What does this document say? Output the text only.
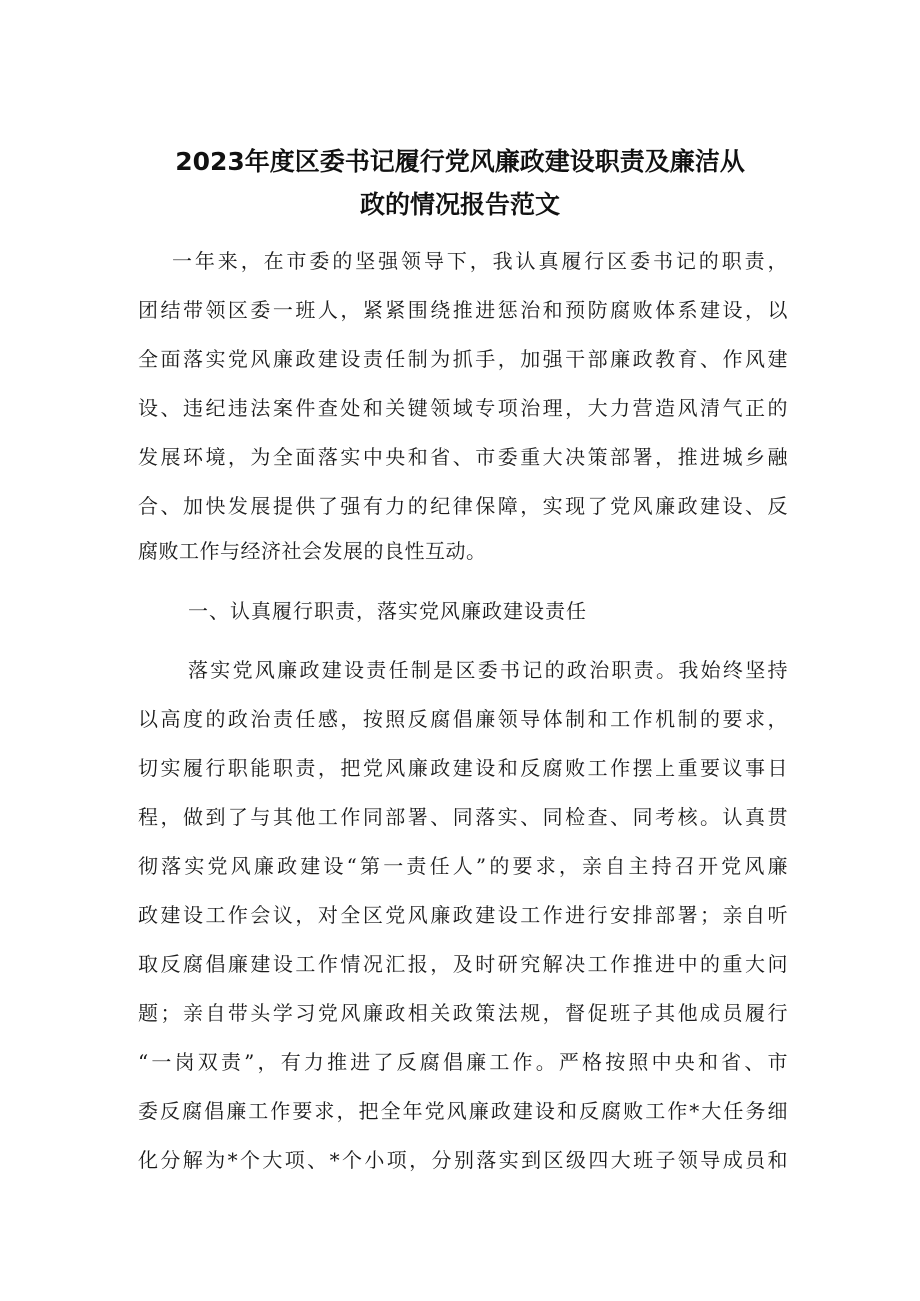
2023年度区委书记履行党风廉政建设职责及廉洁从
政的情况报告范文
一年来，在市委的坚强领导下，我认真履行区委书记的职责，
团结带领区委一班人，紧紧围绕推进惩治和预防腐败体系建设，以
全面落实党风廉政建设责任制为抓手，加强干部廉政教育、作风建
设、违纪违法案件查处和关键领域专项治理，大力营造风清气正的
发展环境，为全面落实中央和省、市委重大决策部署，推进城乡融
合、加快发展提供了强有力的纪律保障，实现了党风廉政建设、反
腐败工作与经济社会发展的良性互动。
一、认真履行职责，落实党风廉政建设责任
落实党风廉政建设责任制是区委书记的政治职责。我始终坚持
以高度的政治责任感，按照反腐倡廉领导体制和工作机制的要求，
切实履行职能职责，把党风廉政建设和反腐败工作摆上重要议事日
程，做到了与其他工作同部署、同落实、同检查、同考核。认真贯
彻落实党风廉政建设“第一责任人”的要求，亲自主持召开党风廉
政建设工作会议，对全区党风廉政建设工作进行安排部署；亲自听
取反腐倡廉建设工作情况汇报，及时研究解决工作推进中的重大问
题；亲自带头学习党风廉政相关政策法规，督促班子其他成员履行
“一岗双责”，有力推进了反腐倡廉工作。严格按照中央和省、市
委反腐倡廉工作要求，把全年党风廉政建设和反腐败工作*大任务细
化分解为*个大项、*个小项，分别落实到区级四大班子领导成员和
